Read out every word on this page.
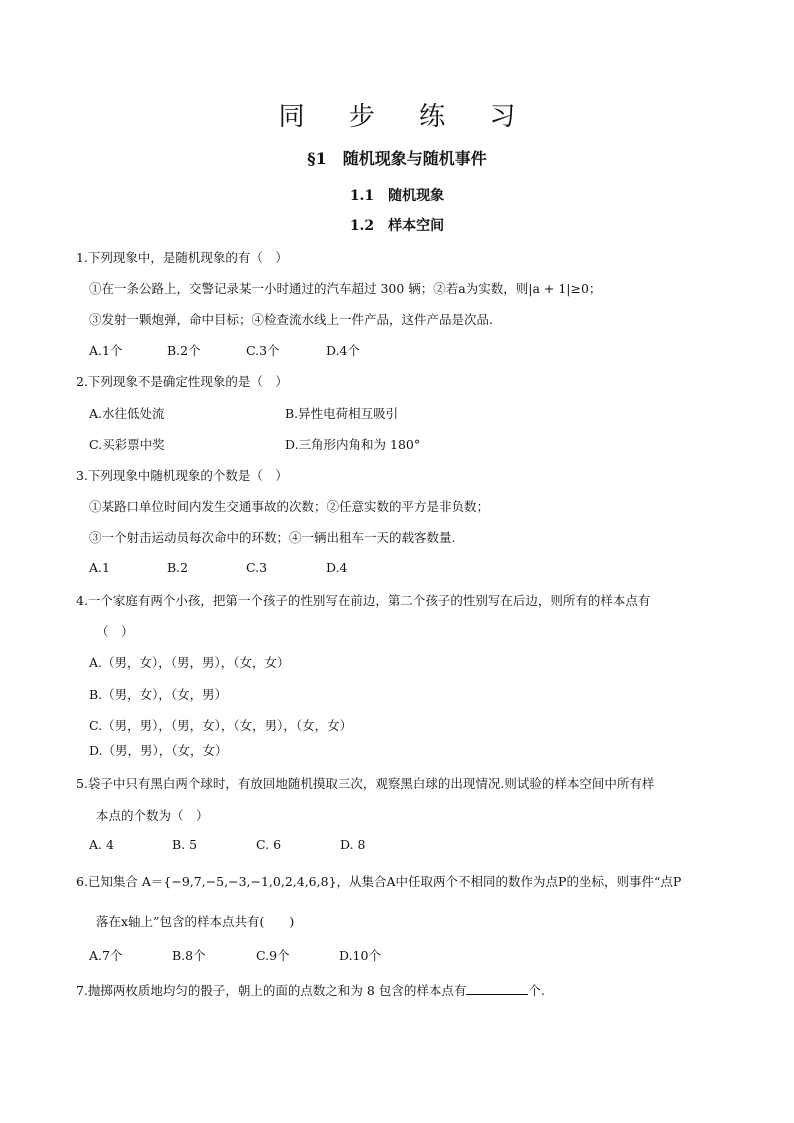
同 步 练 习
§1　随机现象与随机事件
1.1　随机现象
1.2　样本空间
1.下列现象中，是随机现象的有（　）
①在一条公路上，交警记录某一小时通过的汽车超过 300 辆；②若a为实数，则|a + 1|≥0；
③发射一颗炮弹，命中目标；④检查流水线上一件产品，这件产品是次品.
A.1个	B.2个	C.3个	D.4个
2.下列现象不是确定性现象的是（　）
A.水往低处流	B.异性电荷相互吸引
C.买彩票中奖	D.三角形内角和为 180°
3.下列现象中随机现象的个数是（　）
①某路口单位时间内发生交通事故的次数；②任意实数的平方是非负数；
③一个射击运动员每次命中的环数；④一辆出租车一天的载客数量.
A.1	B.2	C.3	D.4
4.一个家庭有两个小孩，把第一个孩子的性别写在前边，第二个孩子的性别写在后边，则所有的样本点有
（　）
A.（男，女），（男，男），（女，女）
B.（男，女），（女，男）
C.（男，男），（男，女），（女，男），（女，女）
D.（男，男），（女，女）
5.袋子中只有黑白两个球时，有放回地随机摸取三次，观察黑白球的出现情况.则试验的样本空间中所有样
本点的个数为（　）
A. 4	B. 5	C. 6	D. 8
6.已知集合 A＝{−9,7,−5,−3,−1,0,2,4,6,8}，从集合A中任取两个不相同的数作为点P的坐标，则事件“点P
落在x轴上”包含的样本点共有(　　)
A.7个	B.8个	C.9个	D.10个
7.抛掷两枚质地均匀的骰子，朝上的面的点数之和为 8 包含的样本点有	个.
